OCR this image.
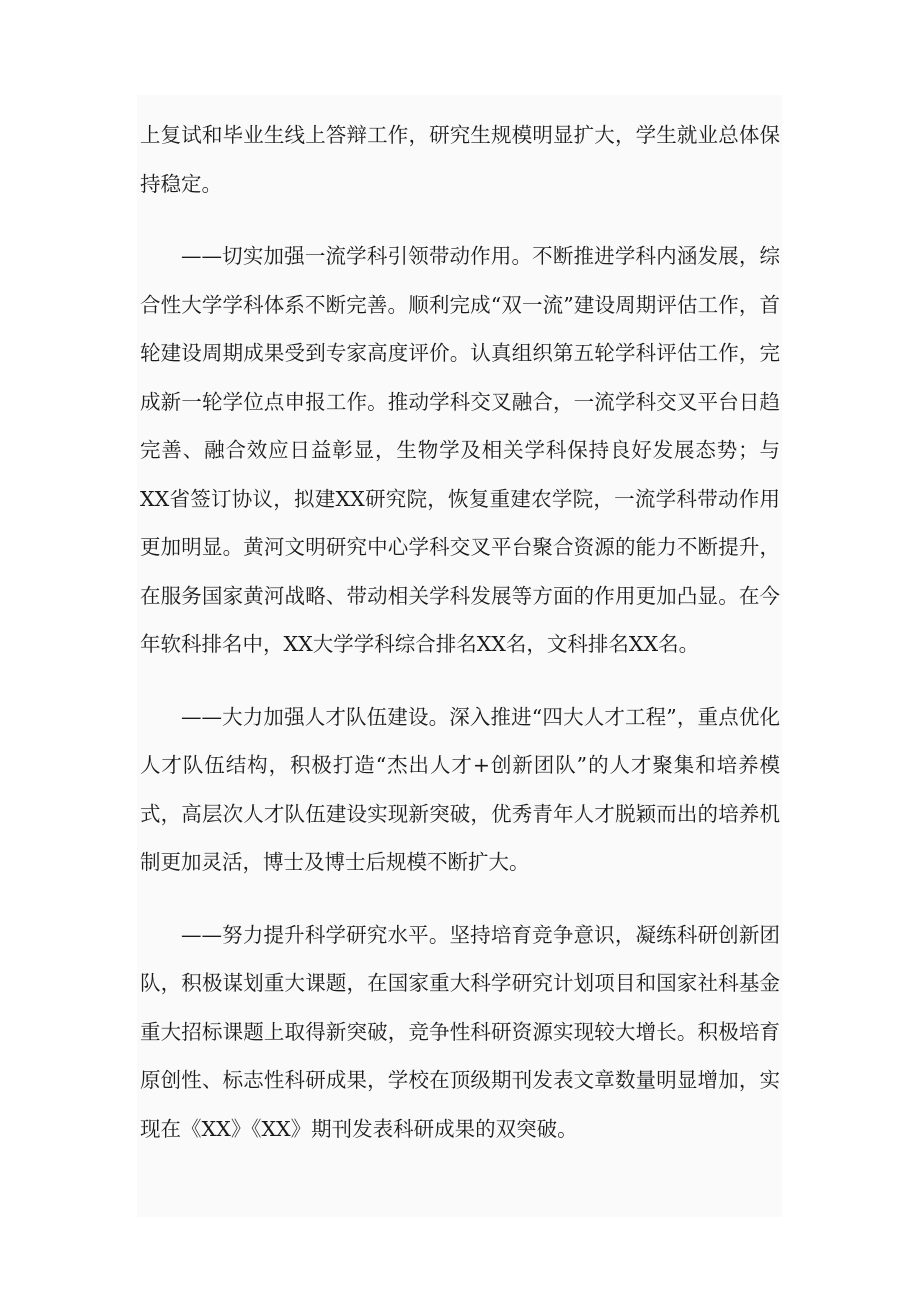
上复试和毕业生线上答辩工作，研究生规模明显扩大，学生就业总体保持稳定。

——切实加强一流学科引领带动作用。不断推进学科内涵发展，综合性大学学科体系不断完善。顺利完成“双一流”建设周期评估工作，首轮建设周期成果受到专家高度评价。认真组织第五轮学科评估工作，完成新一轮学位点申报工作。推动学科交叉融合，一流学科交叉平台日趋完善、融合效应日益彰显，生物学及相关学科保持良好发展态势；与XX省签订协议，拟建XX研究院，恢复重建农学院，一流学科带动作用更加明显。黄河文明研究中心学科交叉平台聚合资源的能力不断提升，在服务国家黄河战略、带动相关学科发展等方面的作用更加凸显。在今年软科排名中，XX大学学科综合排名XX名，文科排名XX名。

——大力加强人才队伍建设。深入推进“四大人才工程”，重点优化人才队伍结构，积极打造“杰出人才+创新团队”的人才聚集和培养模式，高层次人才队伍建设实现新突破，优秀青年人才脱颖而出的培养机制更加灵活，博士及博士后规模不断扩大。

——努力提升科学研究水平。坚持培育竞争意识，凝练科研创新团队，积极谋划重大课题，在国家重大科学研究计划项目和国家社科基金重大招标课题上取得新突破，竞争性科研资源实现较大增长。积极培育原创性、标志性科研成果，学校在顶级期刊发表文章数量明显增加，实现在《XX》《XX》期刊发表科研成果的双突破。
